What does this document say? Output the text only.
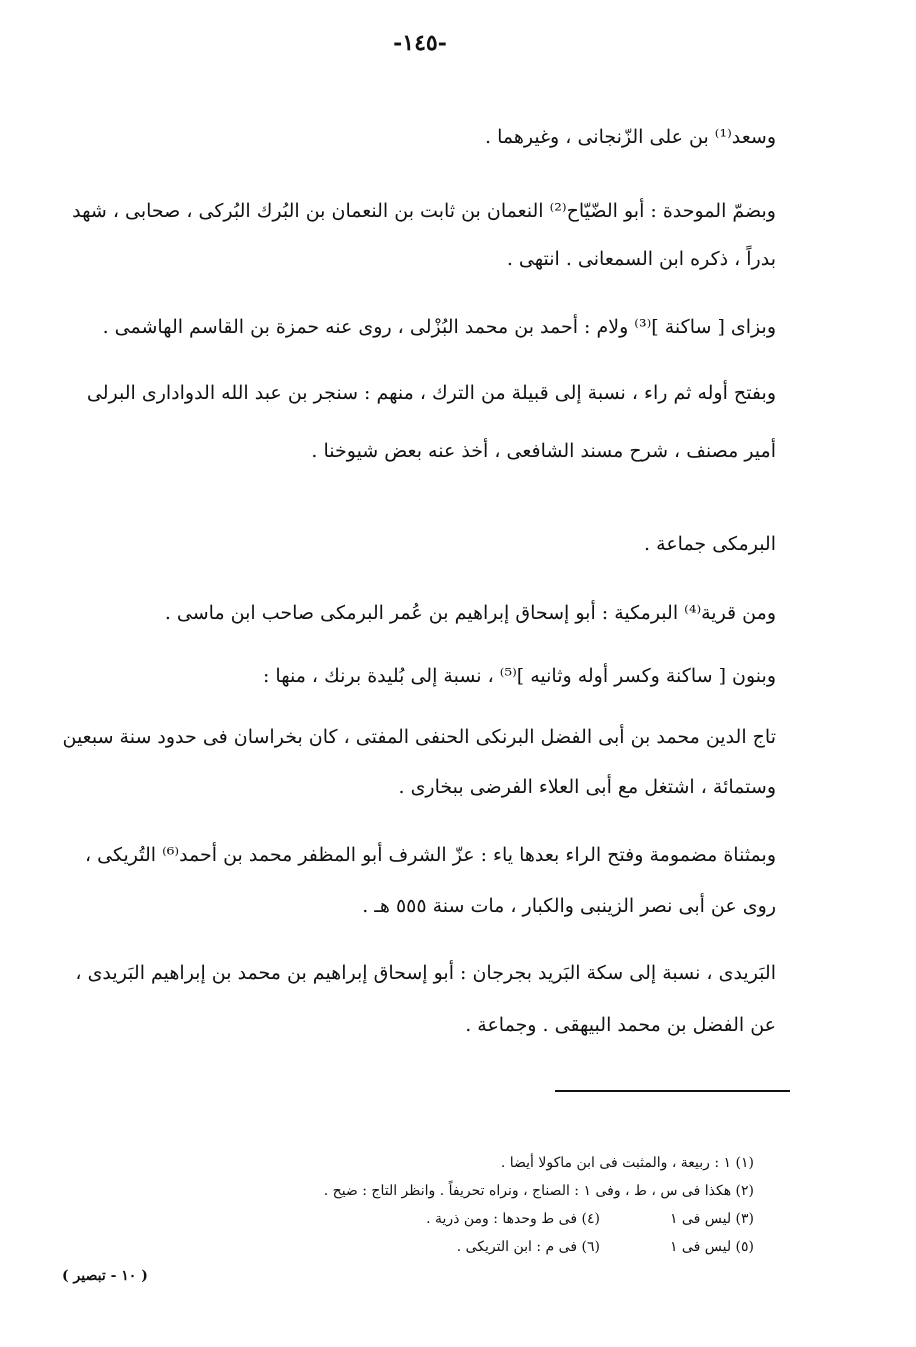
-١٤٥-
وسعد⁽¹⁾ بن على الزّنجانى ، وغيرهما .
وبضمّ الموحدة : أبو الضّيّاح⁽²⁾ النعمان بن ثابت بن النعمان بن البُرك البُركى ، صحابى ، شهد
بدراً ، ذكره ابن السمعانى . انتهى .
وبزاى [ ساكنة ]⁽³⁾ ولام : أحمد بن محمد البُزْلى ، روى عنه حمزة بن القاسم الهاشمى .
وبفتح أوله ثم راء ، نسبة إلى قبيلة من الترك ، منهم : سنجر بن عبد الله الدوادارى البرلى
أمير مصنف ، شرح مسند الشافعى ، أخذ عنه بعض شيوخنا .
البرمكى جماعة .
ومن قرية⁽⁴⁾ البرمكية : أبو إسحاق إبراهيم بن عُمر البرمكى صاحب ابن ماسى .
وبنون [ ساكنة وكسر أوله وثانيه ]⁽⁵⁾ ، نسبة إلى بُليدة برنك ، منها :
تاج الدين محمد بن أبى الفضل البرنكى الحنفى المفتى ، كان بخراسان فى حدود سنة سبعين
وستمائة ، اشتغل مع أبى العلاء الفرضى ببخارى .
وبمثناة مضمومة وفتح الراء بعدها ياء : عزّ الشرف أبو المظفر محمد بن أحمد⁽⁶⁾ التُريكى ،
روى عن أبى نصر الزينبى والكبار ، مات سنة ٥٥٥ هـ .
البَريدى ، نسبة إلى سكة البَريد بجرجان : أبو إسحاق إبراهيم بن محمد بن إبراهيم البَريدى ،
عن الفضل بن محمد البيهقى . وجماعة .
(١) ١ : ربيعة ، والمثبت فى ابن ماكولا أيضا .
(٢) هكذا فى س ، ط ، وفى ١ : الصناج ، ونراه تحريفاً . وانظر التاج : ضيح .
(٣) ليس فى ١(٤) فى ط وحدها : ومن ذرية .
(٥) ليس فى ١(٦) فى م : ابن التريكى .
( ١٠ - تبصير )
